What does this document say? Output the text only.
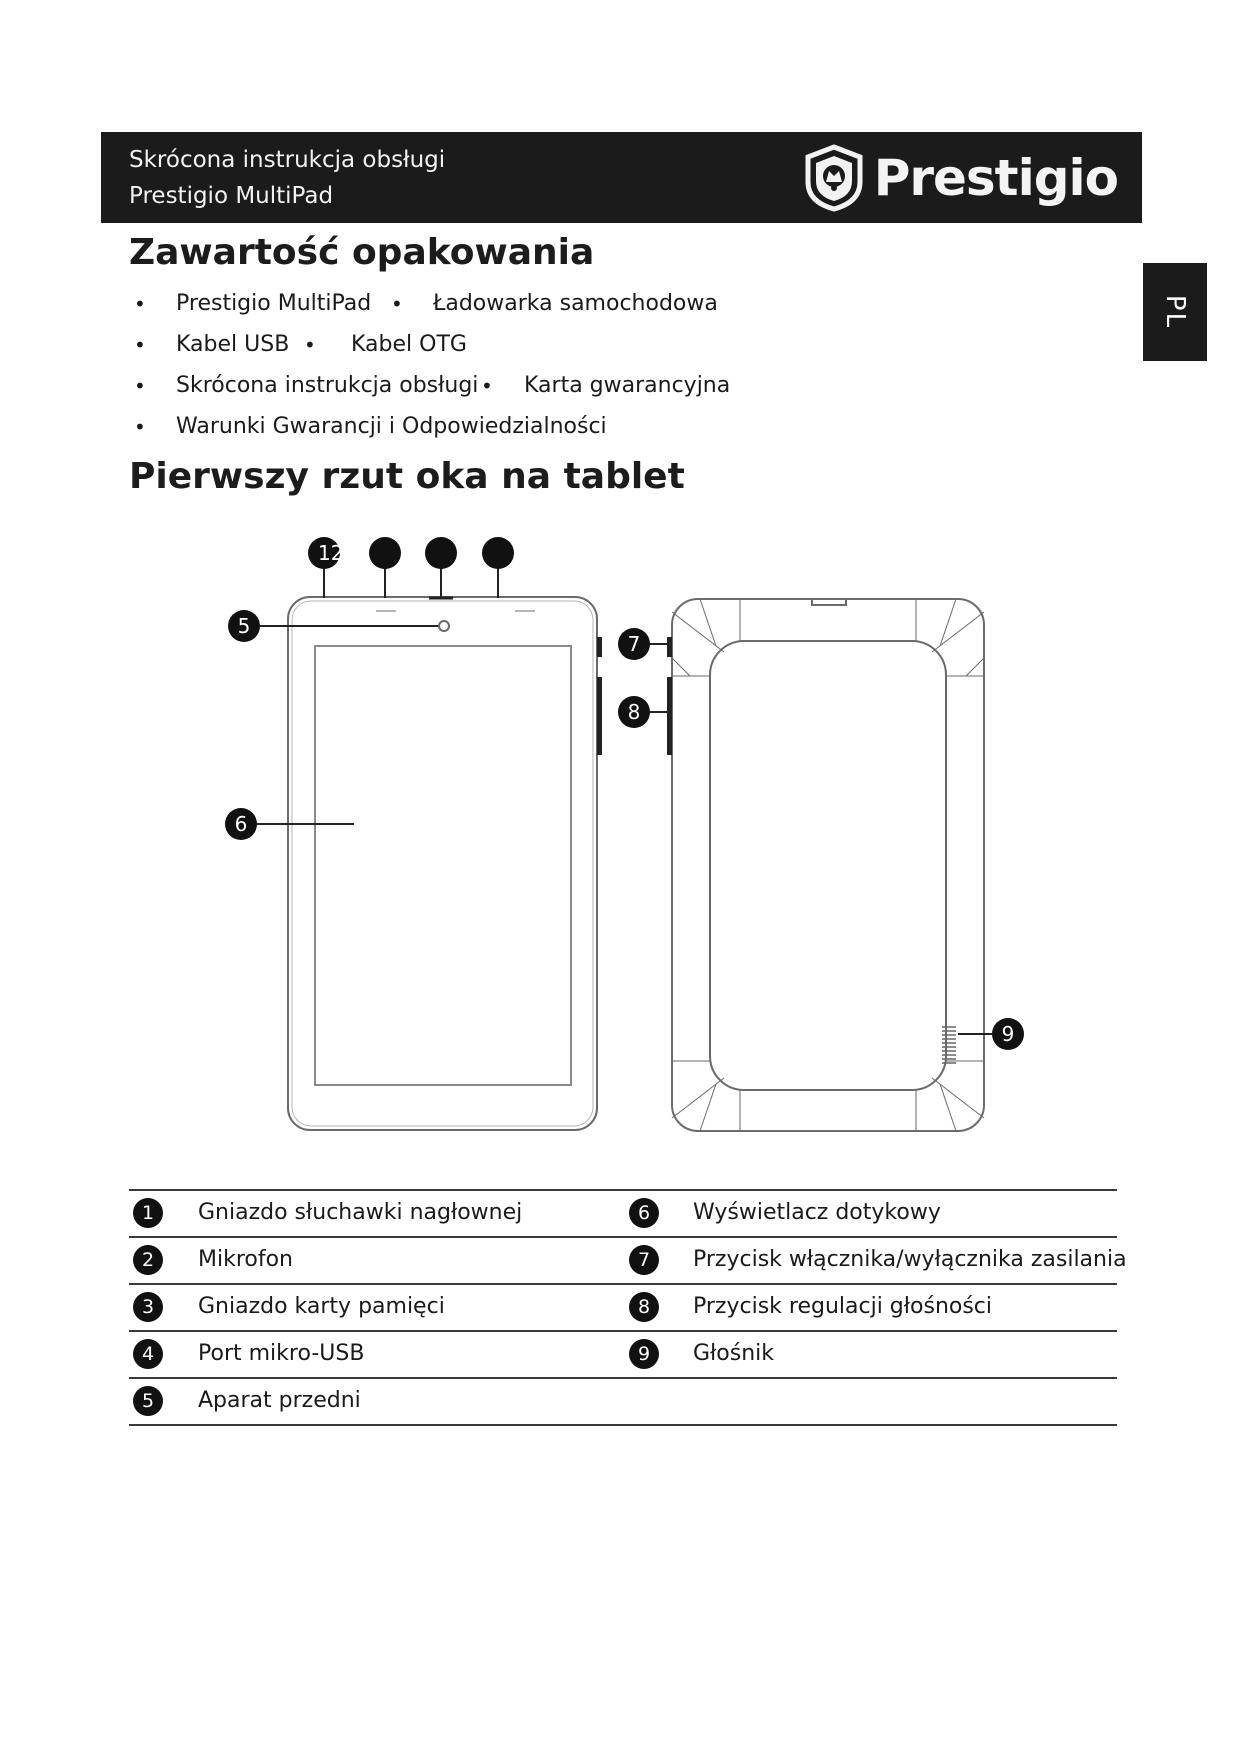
Skrócona instrukcja obsługi
Prestigio MultiPad	Prestigio
PL
Zawartość opakowania
• Prestigio MultiPad • Ładowarka samochodowa
• Kabel USB • Kabel OTG
• Skrócona instrukcja obsługi • Karta gwarancyjna
• Warunki Gwarancji i Odpowiedzialności
Pierwszy rzut oka na tablet
12
5
6
7
8
9
1	Gniazdo słuchawki nagłownej	6	Wyświetlacz dotykowy
2	Mikrofon	7	Przycisk włącznika/wyłącznika zasilania
3	Gniazdo karty pamięci	8	Przycisk regulacji głośności
4	Port mikro-USB	9	Głośnik
5	Aparat przedni
